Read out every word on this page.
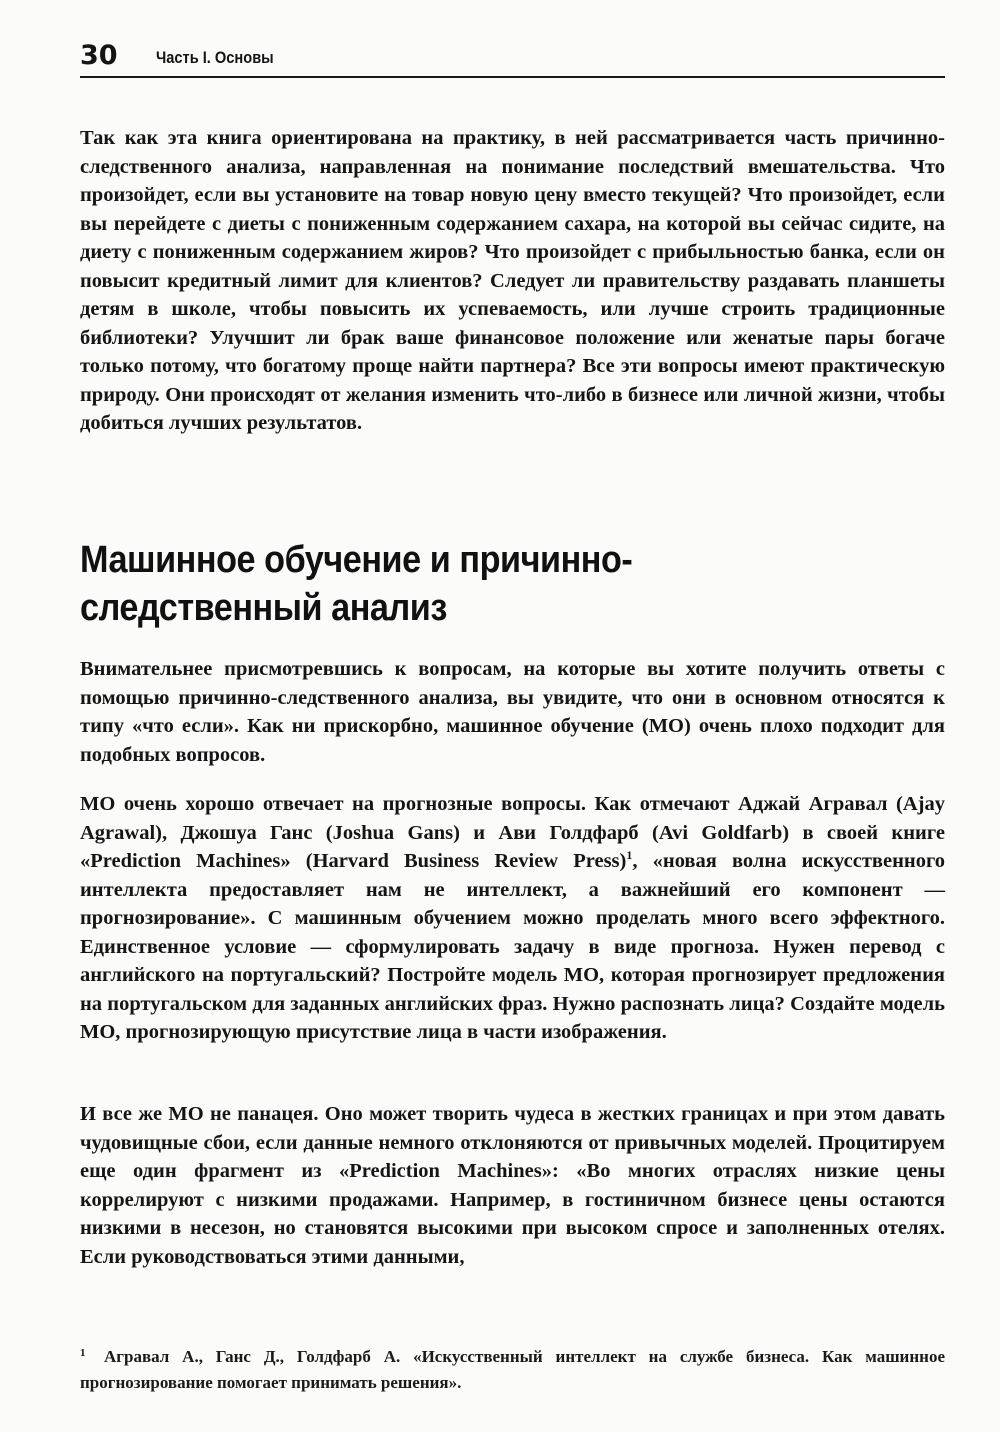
30 Часть I. Основы

Так как эта книга ориентирована на практику, в ней рассматривается часть причинно-следственного анализа, направленная на понимание последствий вмешательства. Что произойдет, если вы установите на товар новую цену вместо текущей? Что произойдет, если вы перейдете с диеты с пониженным содержанием сахара, на которой вы сейчас сидите, на диету с пониженным содержанием жиров? Что произойдет с прибыльностью банка, если он повысит кредитный лимит для клиентов? Следует ли правительству раздавать планшеты детям в школе, чтобы повысить их успеваемость, или лучше строить традиционные библиотеки? Улучшит ли брак ваше финансовое положение или женатые пары богаче только потому, что богатому проще найти партнера? Все эти вопросы имеют практическую природу. Они происходят от желания изменить что-либо в бизнесе или личной жизни, чтобы добиться лучших результатов.

Машинное обучение и причинно-следственный анализ

Внимательнее присмотревшись к вопросам, на которые вы хотите получить ответы с помощью причинно-следственного анализа, вы увидите, что они в основном относятся к типу «что если». Как ни прискорбно, машинное обучение (МО) очень плохо подходит для подобных вопросов.

МО очень хорошо отвечает на прогнозные вопросы. Как отмечают Аджай Агравал (Ajay Agrawal), Джошуа Ганс (Joshua Gans) и Ави Голдфарб (Avi Goldfarb) в своей книге «Prediction Machines» (Harvard Business Review Press)$^1$, «новая волна искусственного интеллекта предоставляет нам не интеллект, а важнейший его компонент — прогнозирование». С машинным обучением можно проделать много всего эффектного. Единственное условие — сформулировать задачу в виде прогноза. Нужен перевод с английского на португальский? Постройте модель МО, которая прогнозирует предложения на португальском для заданных английских фраз. Нужно распознать лица? Создайте модель МО, прогнозирующую присутствие лица в части изображения.

И все же МО не панацея. Оно может творить чудеса в жестких границах и при этом давать чудовищные сбои, если данные немного отклоняются от привычных моделей. Процитируем еще один фрагмент из «Prediction Machines»: «Во многих отраслях низкие цены коррелируют с низкими продажами. Например, в гостиничном бизнесе цены остаются низкими в несезон, но становятся высокими при высоком спросе и заполненных отелях. Если руководствоваться этими данными,

1 Агравал А., Ганс Д., Голдфарб А. «Искусственный интеллект на службе бизнеса. Как машинное прогнозирование помогает принимать решения».
